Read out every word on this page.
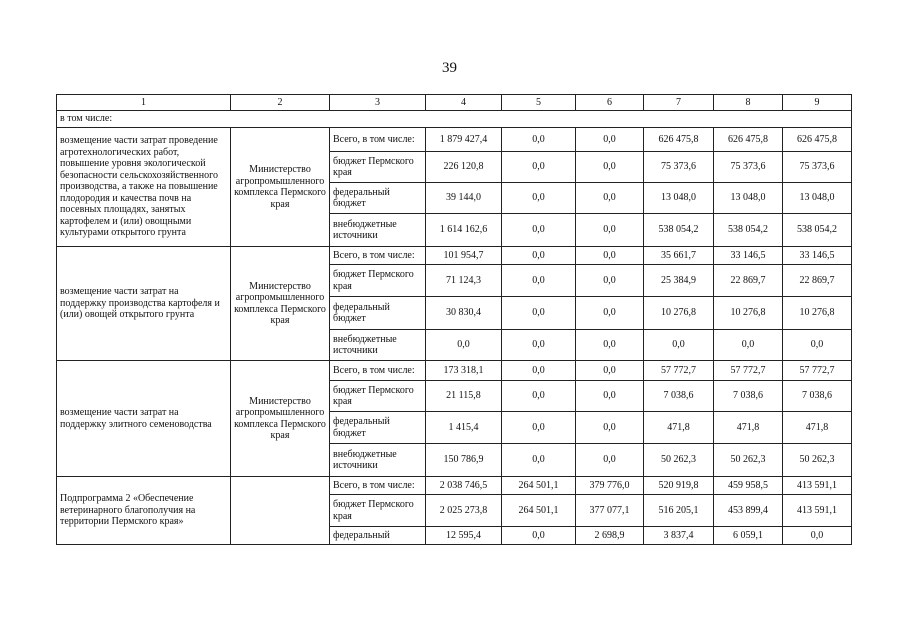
39
1	2	3	4	5	6	7	8	9
в том числе:								
возмещение части затрат проведение агротехнологических работ, повышение уровня экологической безопасности сельскохозяйственного производства, а также на повышение плодородия и качества почв на посевных площадях, занятых картофелем и (или) овощными культурами открытого грунта	Министерство агропромышленного комплекса Пермского края	Всего, в том числе:	1 879 427,4	0,0	0,0	626 475,8	626 475,8	626 475,8
		бюджет Пермского края	226 120,8	0,0	0,0	75 373,6	75 373,6	75 373,6
		федеральный бюджет	39 144,0	0,0	0,0	13 048,0	13 048,0	13 048,0
		внебюджетные источники	1 614 162,6	0,0	0,0	538 054,2	538 054,2	538 054,2
возмещение части затрат на поддержку производства картофеля и (или) овощей открытого грунта	Министерство агропромышленного комплекса Пермского края	Всего, в том числе:	101 954,7	0,0	0,0	35 661,7	33 146,5	33 146,5
		бюджет Пермского края	71 124,3	0,0	0,0	25 384,9	22 869,7	22 869,7
		федеральный бюджет	30 830,4	0,0	0,0	10 276,8	10 276,8	10 276,8
		внебюджетные источники	0,0	0,0	0,0	0,0	0,0	0,0
возмещение части затрат на поддержку элитного семеноводства	Министерство агропромышленного комплекса Пермского края	Всего, в том числе:	173 318,1	0,0	0,0	57 772,7	57 772,7	57 772,7
		бюджет Пермского края	21 115,8	0,0	0,0	7 038,6	7 038,6	7 038,6
		федеральный бюджет	1 415,4	0,0	0,0	471,8	471,8	471,8
		внебюджетные источники	150 786,9	0,0	0,0	50 262,3	50 262,3	50 262,3
Подпрограмма 2 «Обеспечение ветеринарного благополучия на территории Пермского края»		Всего, в том числе:	2 038 746,5	264 501,1	379 776,0	520 919,8	459 958,5	413 591,1
		бюджет Пермского края	2 025 273,8	264 501,1	377 077,1	516 205,1	453 899,4	413 591,1
		федеральный	12 595,4	0,0	2 698,9	3 837,4	6 059,1	0,0
